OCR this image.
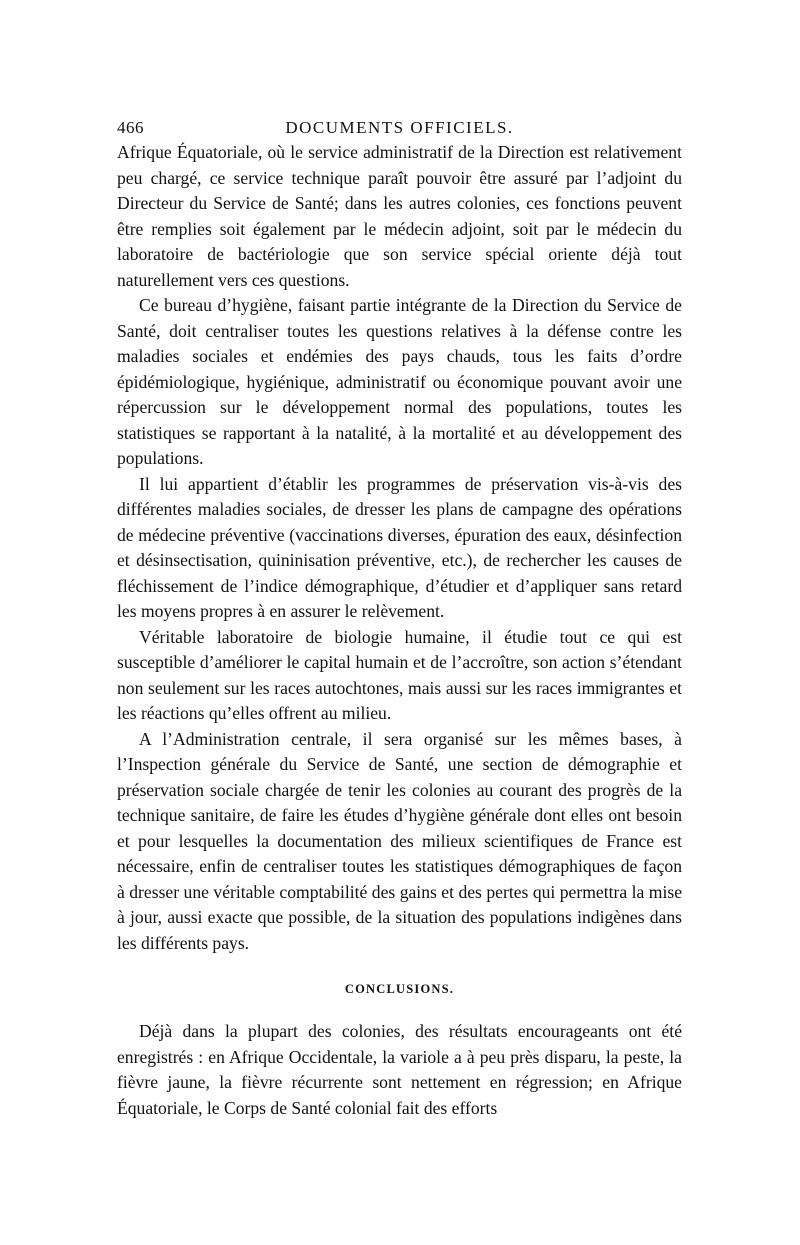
466	DOCUMENTS OFFICIELS.

Afrique Équatoriale, où le service administratif de la Direction est relativement peu chargé, ce service technique paraît pouvoir être assuré par l’adjoint du Directeur du Service de Santé; dans les autres colonies, ces fonctions peuvent être remplies soit également par le médecin adjoint, soit par le médecin du laboratoire de bactériologie que son service spécial oriente déjà tout naturellement vers ces questions.

Ce bureau d’hygiène, faisant partie intégrante de la Direction du Service de Santé, doit centraliser toutes les questions relatives à la défense contre les maladies sociales et endémies des pays chauds, tous les faits d’ordre épidémiologique, hygiénique, administratif ou économique pouvant avoir une répercussion sur le développement normal des populations, toutes les statistiques se rapportant à la natalité, à la mortalité et au développement des populations.

Il lui appartient d’établir les programmes de préservation vis-à-vis des différentes maladies sociales, de dresser les plans de campagne des opérations de médecine préventive (vaccinations diverses, épuration des eaux, désinfection et désinsectisation, quininisation préventive, etc.), de rechercher les causes de fléchissement de l’indice démographique, d’étudier et d’appliquer sans retard les moyens propres à en assurer le relèvement.

Véritable laboratoire de biologie humaine, il étudie tout ce qui est susceptible d’améliorer le capital humain et de l’accroître, son action s’étendant non seulement sur les races autochtones, mais aussi sur les races immigrantes et les réactions qu’elles offrent au milieu.

A l’Administration centrale, il sera organisé sur les mêmes bases, à l’Inspection générale du Service de Santé, une section de démographie et préservation sociale chargée de tenir les colonies au courant des progrès de la technique sanitaire, de faire les études d’hygiène générale dont elles ont besoin et pour lesquelles la documentation des milieux scientifiques de France est nécessaire, enfin de centraliser toutes les statistiques démographiques de façon à dresser une véritable comptabilité des gains et des pertes qui permettra la mise à jour, aussi exacte que possible, de la situation des populations indigènes dans les différents pays.

CONCLUSIONS.

Déjà dans la plupart des colonies, des résultats encourageants ont été enregistrés : en Afrique Occidentale, la variole a à peu près disparu, la peste, la fièvre jaune, la fièvre récurrente sont nettement en régression; en Afrique Équatoriale, le Corps de Santé colonial fait des efforts
